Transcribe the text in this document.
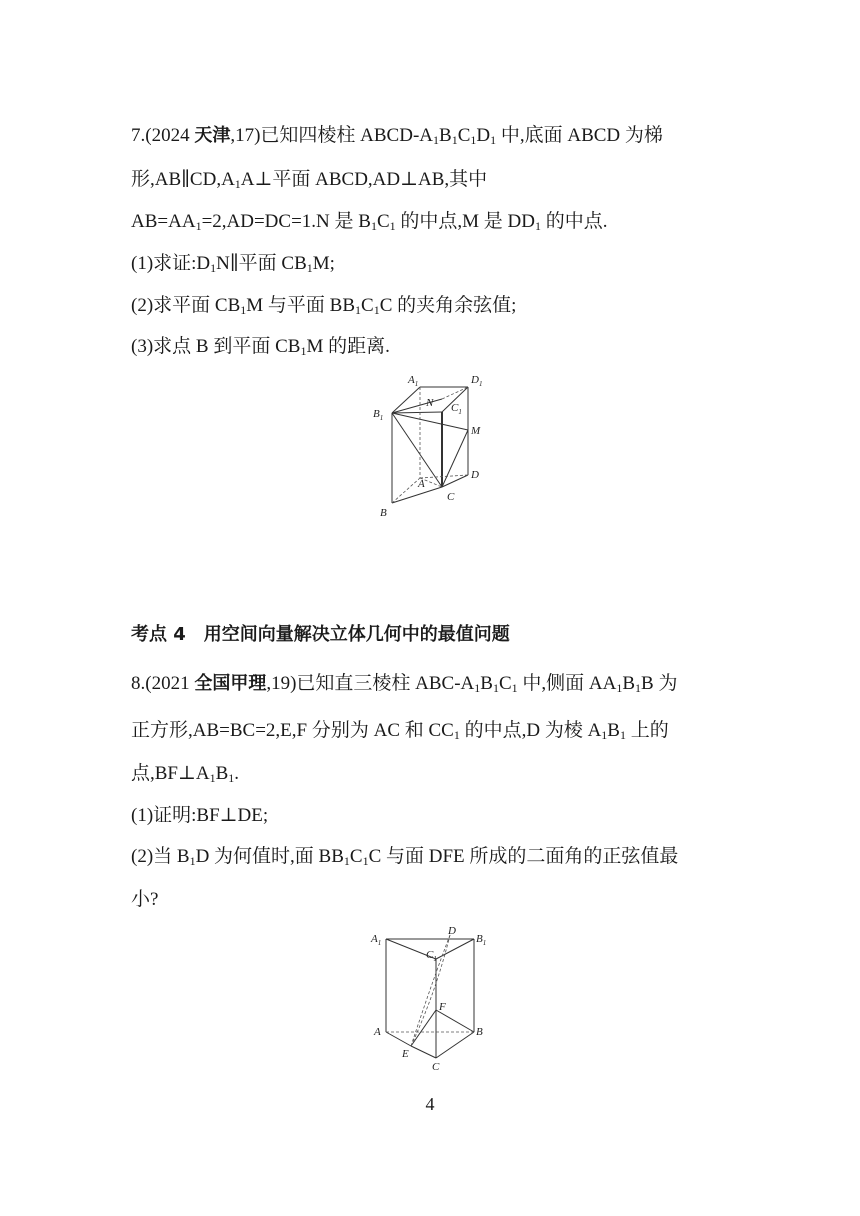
7.(2024 天津,17)已知四棱柱 ABCD-$A_1B_1C_1D_1$ 中,底面 ABCD 为梯
形$,AB\parallel CD,A_1A\perp$平面 ABCD,AD⊥AB,其中
$AB=AA_1=2,AD=DC=1.N$ 是 $B_1C_1$ 的中点,M 是 $DD_1$ 的中点.
(1)求证$:D_1N\parallel$平面 $CB_1M$;
(2)求平面 $CB_1M$ 与平面 $BB_1C_1C$ 的夹角余弦值;
(3)求点 B 到平面 $CB_1M$ 的距离.
$A_1$	$D_1$
N $C_1$
$B_1$
M
D
A
C
B
考点 4　用空间向量解决立体几何中的最值问题
8.(2021 全国甲理,19)已知直三棱柱 ABC-$A_1B_1C_1$ 中,侧面 $AA_1B_1B$ 为
正方形,AB=BC=2,E,F 分别为 AC 和 $CC_1$ 的中点,D 为棱 $A_1B_1$ 上的
点$,BF\perp A_1B_1$.
(1)证明:BF⊥DE;
(2)当 $B_1D$ 为何值时,面 $BB_1C_1C$ 与面 DFE 所成的二面角的正弦值最
小?
$A_1$
D
$B_1$
$C_1$
F
A	B
E
C
4
